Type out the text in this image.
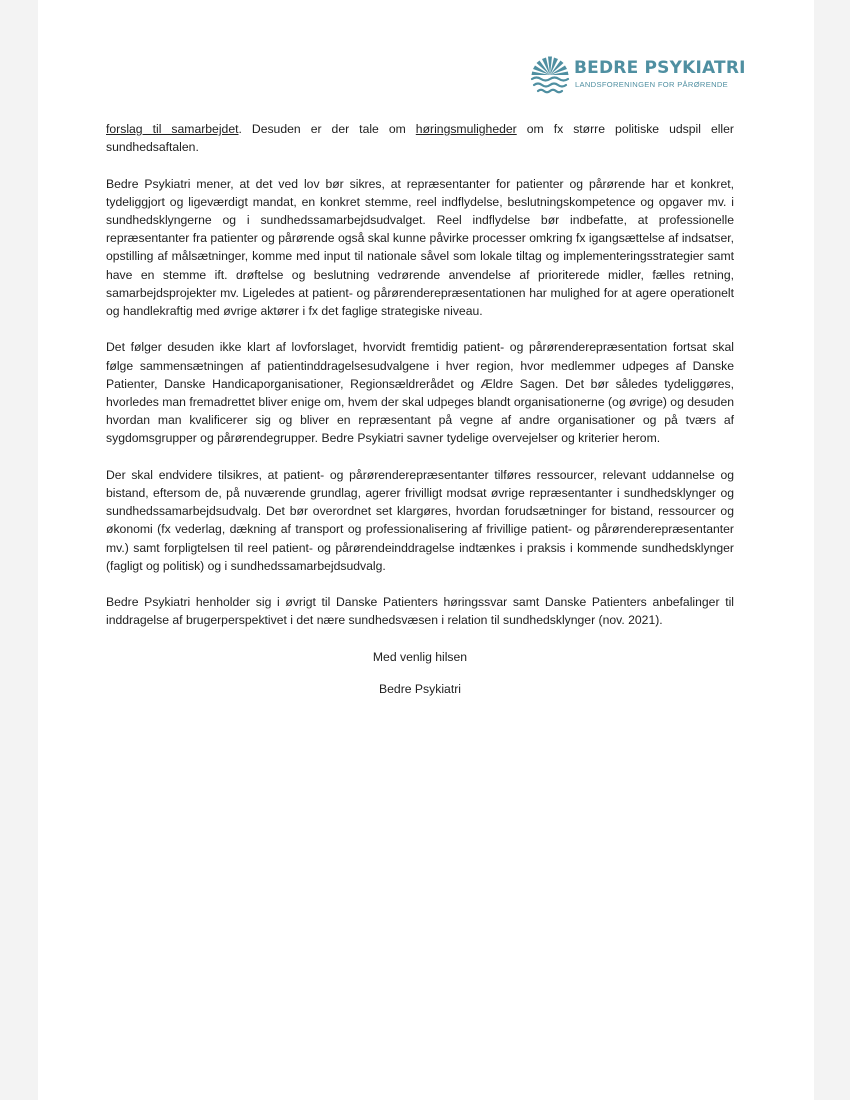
BEDRE PSYKIATRI
LANDSFORENINGEN FOR PÅRØRENDE

forslag til samarbejdet. Desuden er der tale om høringsmuligheder om fx større politiske udspil eller sundhedsaftalen.

Bedre Psykiatri mener, at det ved lov bør sikres, at repræsentanter for patienter og pårørende har et konkret, tydeliggjort og ligeværdigt mandat, en konkret stemme, reel indflydelse, beslutningskompetence og opgaver mv. i sundhedsklyngerne og i sundhedssamarbejdsudvalget. Reel indflydelse bør indbefatte, at professionelle repræsentanter fra patienter og pårørende også skal kunne påvirke processer omkring fx igangsættelse af indsatser, opstilling af målsætninger, komme med input til nationale såvel som lokale tiltag og implementeringsstrategier samt have en stemme ift. drøftelse og beslutning vedrørende anvendelse af prioriterede midler, fælles retning, samarbejdsprojekter mv. Ligeledes at patient- og pårørenderepræsentationen har mulighed for at agere operationelt og handlekraftig med øvrige aktører i fx det faglige strategiske niveau.

Det følger desuden ikke klart af lovforslaget, hvorvidt fremtidig patient- og pårørenderepræsentation fortsat skal følge sammensætningen af patientinddragelsesudvalgene i hver region, hvor medlemmer udpeges af Danske Patienter, Danske Handicaporganisationer, Regionsældrerådet og Ældre Sagen. Det bør således tydeliggøres, hvorledes man fremadrettet bliver enige om, hvem der skal udpeges blandt organisationerne (og øvrige) og desuden hvordan man kvalificerer sig og bliver en repræsentant på vegne af andre organisationer og på tværs af sygdomsgrupper og pårørendegrupper. Bedre Psykiatri savner tydelige overvejelser og kriterier herom.

Der skal endvidere tilsikres, at patient- og pårørenderepræsentanter tilføres ressourcer, relevant uddannelse og bistand, eftersom de, på nuværende grundlag, agerer frivilligt modsat øvrige repræsentanter i sundhedsklynger og sundhedssamarbejdsudvalg. Det bør overordnet set klargøres, hvordan forudsætninger for bistand, ressourcer og økonomi (fx vederlag, dækning af transport og professionalisering af frivillige patient- og pårørenderepræsentanter mv.) samt forpligtelsen til reel patient- og pårørendeinddragelse indtænkes i praksis i kommende sundhedsklynger (fagligt og politisk) og i sundhedssamarbejdsudvalg.

Bedre Psykiatri henholder sig i øvrigt til Danske Patienters høringssvar samt Danske Patienters anbefalinger til inddragelse af brugerperspektivet i det nære sundhedsvæsen i relation til sundhedsklynger (nov. 2021).

Med venlig hilsen

Bedre Psykiatri
